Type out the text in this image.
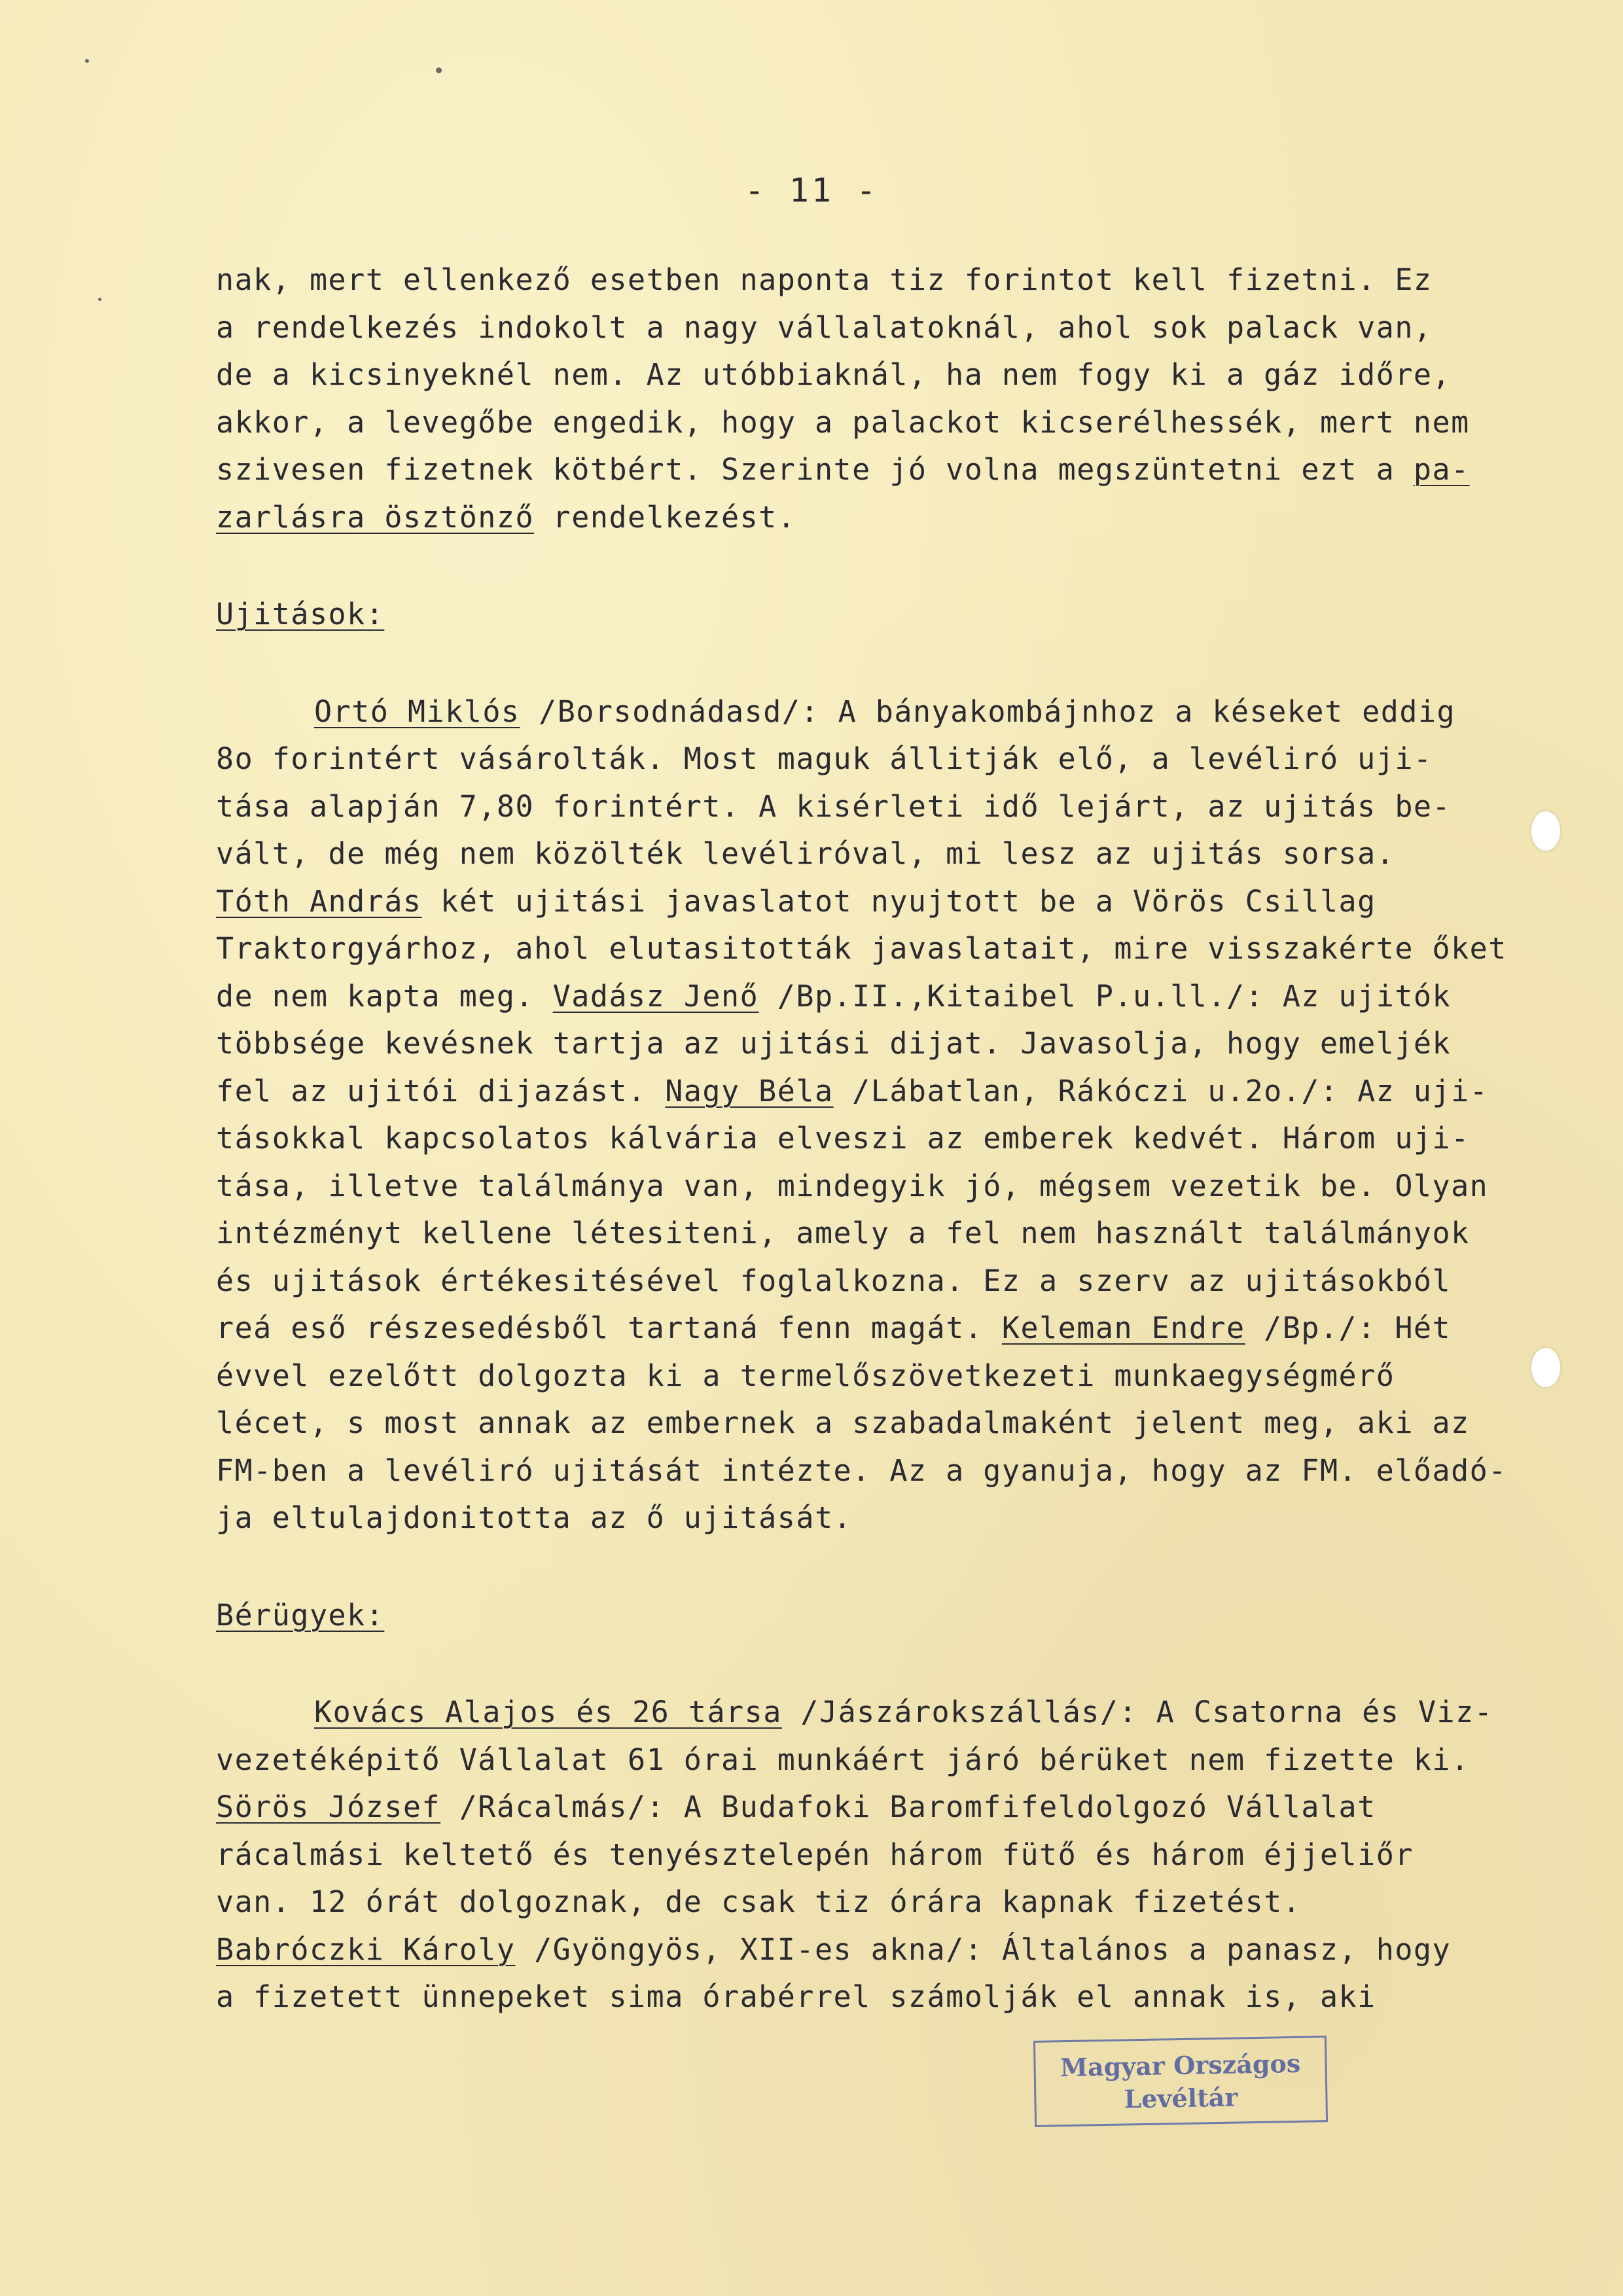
- 11 -
nak, mert ellenkező esetben naponta tiz forintot kell fizetni. Ez
a rendelkezés indokolt a nagy vállalatoknál, ahol sok palack van,
de a kicsinyeknél nem. Az utóbbiaknál, ha nem fogy ki a gáz időre,
akkor, a levegőbe engedik, hogy a palackot kicserélhessék, mert nem
szivesen fizetnek kötbért. Szerinte jó volna megszüntetni ezt a pa-
zarlásra ösztönző rendelkezést.
Ujitások:
Ortó Miklós /Borsodnádasd/: A bányakombájnhoz a késeket eddig
8o forintért vásárolták. Most maguk állitják elő, a levéliró uji-
tása alapján 7,80 forintért. A kisérleti idő lejárt, az ujitás be-
vált, de még nem közölték levéliróval, mi lesz az ujitás sorsa.
Tóth András két ujitási javaslatot nyujtott be a Vörös Csillag
Traktorgyárhoz, ahol elutasitották javaslatait, mire visszakérte őket
de nem kapta meg. Vadász Jenő /Bp.II.,Kitaibel P.u.ll./: Az ujitók
többsége kevésnek tartja az ujitási dijat. Javasolja, hogy emeljék
fel az ujitói dijazást. Nagy Béla /Lábatlan, Rákóczi u.2o./: Az uji-
tásokkal kapcsolatos kálvária elveszi az emberek kedvét. Három uji-
tása, illetve találmánya van, mindegyik jó, mégsem vezetik be. Olyan
intézményt kellene létesiteni, amely a fel nem használt találmányok
és ujitások értékesitésével foglalkozna. Ez a szerv az ujitásokból
reá eső részesedésből tartaná fenn magát. Keleman Endre /Bp./: Hét
évvel ezelőtt dolgozta ki a termelőszövetkezeti munkaegységmérő
lécet, s most annak az embernek a szabadalmaként jelent meg, aki az
FM-ben a levéliró ujitását intézte. Az a gyanuja, hogy az FM. előadó-
ja eltulajdonitotta az ő ujitását.
Bérügyek:
Kovács Alajos és 26 társa /Jászárokszállás/: A Csatorna és Viz-
vezetéképitő Vállalat 61 órai munkáért járó bérüket nem fizette ki.
Sörös József /Rácalmás/: A Budafoki Baromfifeldolgozó Vállalat
rácalmási keltető és tenyésztelepén három fütő és három éjjeliőr
van. 12 órát dolgoznak, de csak tiz órára kapnak fizetést.
Babróczki Károly /Gyöngyös, XII-es akna/: Általános a panasz, hogy
a fizetett ünnepeket sima órabérrel számolják el annak is, aki
Magyar Országos
Levéltár
